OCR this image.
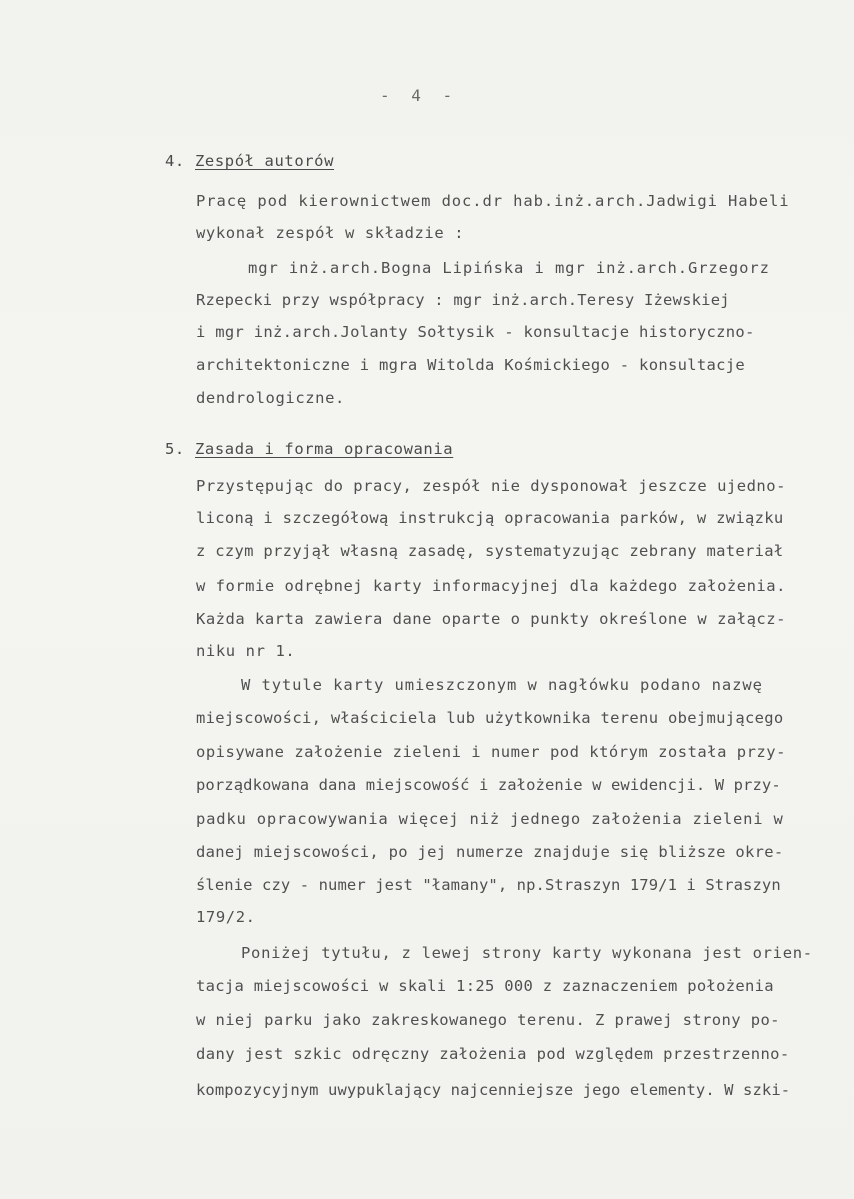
- 4 -
4. Zespół autorów
Pracę pod kierownictwem doc.dr hab.inż.arch.Jadwigi Habeli
wykonał zespół w składzie :
mgr inż.arch.Bogna Lipińska i mgr inż.arch.Grzegorz
Rzepecki przy współpracy : mgr inż.arch.Teresy Iżewskiej
i mgr inż.arch.Jolanty Sołtysik - konsultacje historyczno-
architektoniczne i mgra Witolda Kośmickiego - konsultacje
dendrologiczne.
5. Zasada i forma opracowania
Przystępując do pracy, zespół nie dysponował jeszcze ujedno-
liconą i szczegółową instrukcją opracowania parków, w związku
z czym przyjął własną zasadę, systematyzując zebrany materiał
w formie odrębnej karty informacyjnej dla każdego założenia.
Każda karta zawiera dane oparte o punkty określone w załącz-
niku nr 1.
W tytule karty umieszczonym w nagłówku podano nazwę
miejscowości, właściciela lub użytkownika terenu obejmującego
opisywane założenie zieleni i numer pod którym została przy-
porządkowana dana miejscowość i założenie w ewidencji. W przy-
padku opracowywania więcej niż jednego założenia zieleni w
danej miejscowości, po jej numerze znajduje się bliższe okre-
ślenie czy - numer jest "łamany", np.Straszyn 179/1 i Straszyn
179/2.
Poniżej tytułu, z lewej strony karty wykonana jest orien-
tacja miejscowości w skali 1:25 000 z zaznaczeniem położenia
w niej parku jako zakreskowanego terenu. Z prawej strony po-
dany jest szkic odręczny założenia pod względem przestrzenno-
kompozycyjnym uwypuklający najcenniejsze jego elementy. W szki-
